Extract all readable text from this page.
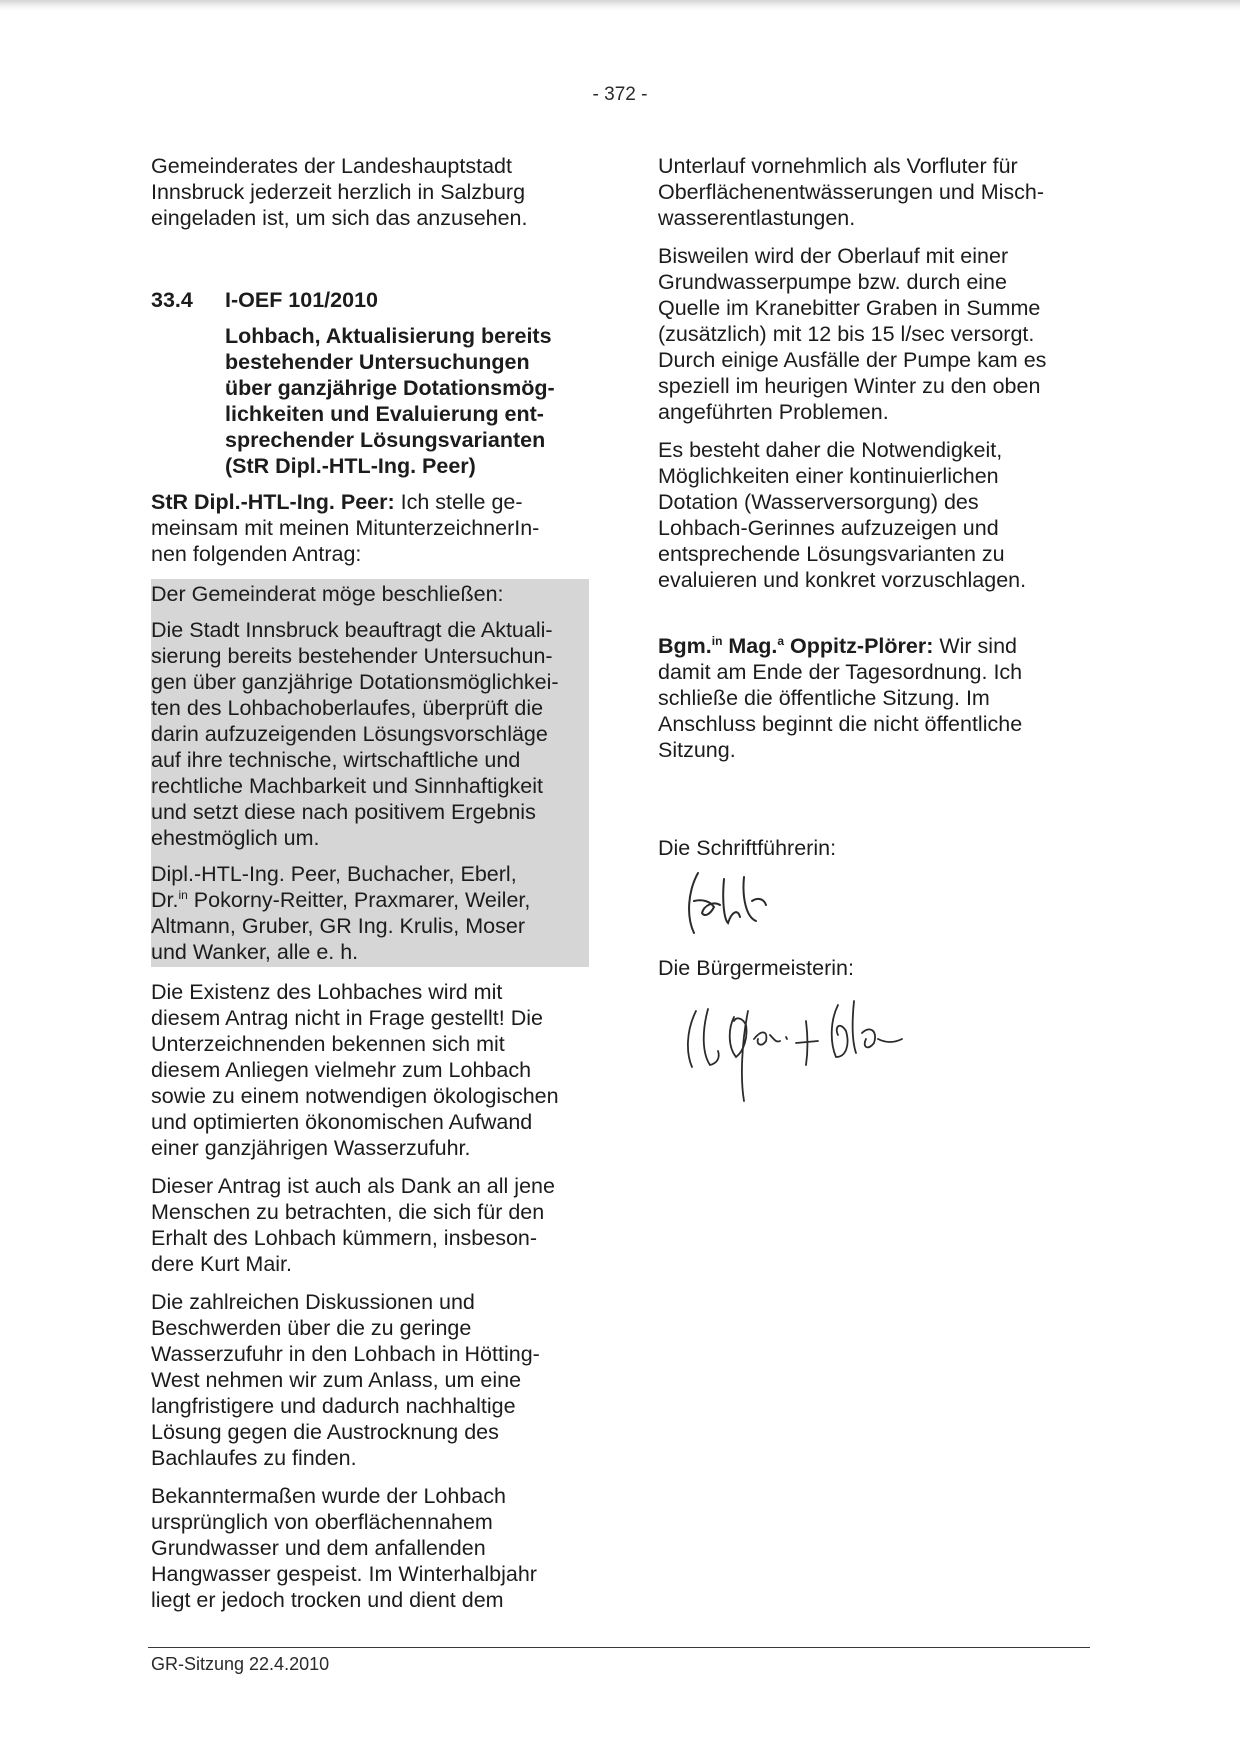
- 372 -

Gemeinderates der Landeshauptstadt
Innsbruck jederzeit herzlich in Salzburg
eingeladen ist, um sich das anzusehen.

33.4	I-OEF 101/2010

Lohbach, Aktualisierung bereits
bestehender Untersuchungen
über ganzjährige Dotationsmög-
lichkeiten und Evaluierung ent-
sprechender Lösungsvarianten
(StR Dipl.-HTL-Ing. Peer)

StR Dipl.-HTL-Ing. Peer: Ich stelle ge-
meinsam mit meinen MitunterzeichnerIn-
nen folgenden Antrag:

Der Gemeinderat möge beschließen:

Die Stadt Innsbruck beauftragt die Aktuali-
sierung bereits bestehender Untersuchun-
gen über ganzjährige Dotationsmöglichkei-
ten des Lohbachoberlaufes, überprüft die
darin aufzuzeigenden Lösungsvorschläge
auf ihre technische, wirtschaftliche und
rechtliche Machbarkeit und Sinnhaftigkeit
und setzt diese nach positivem Ergebnis
ehestmöglich um.

Dipl.-HTL-Ing. Peer, Buchacher, Eberl,
Dr.$^{in}$ Pokorny-Reitter, Praxmarer, Weiler,
Altmann, Gruber, GR Ing. Krulis, Moser
und Wanker, alle e. h.

Die Existenz des Lohbaches wird mit
diesem Antrag nicht in Frage gestellt! Die
Unterzeichnenden bekennen sich mit
diesem Anliegen vielmehr zum Lohbach
sowie zu einem notwendigen ökologischen
und optimierten ökonomischen Aufwand
einer ganzjährigen Wasserzufuhr.

Dieser Antrag ist auch als Dank an all jene
Menschen zu betrachten, die sich für den
Erhalt des Lohbach kümmern, insbeson-
dere Kurt Mair.

Die zahlreichen Diskussionen und
Beschwerden über die zu geringe
Wasserzufuhr in den Lohbach in Hötting-
West nehmen wir zum Anlass, um eine
langfristigere und dadurch nachhaltige
Lösung gegen die Austrocknung des
Bachlaufes zu finden.

Bekanntermaßen wurde der Lohbach
ursprünglich von oberflächennahem
Grundwasser und dem anfallenden
Hangwasser gespeist. Im Winterhalbjahr
liegt er jedoch trocken und dient dem

Unterlauf vornehmlich als Vorfluter für
Oberflächenentwässerungen und Misch-
wasserentlastungen.

Bisweilen wird der Oberlauf mit einer
Grundwasserpumpe bzw. durch eine
Quelle im Kranebitter Graben in Summe
(zusätzlich) mit 12 bis 15 l/sec versorgt.
Durch einige Ausfälle der Pumpe kam es
speziell im heurigen Winter zu den oben
angeführten Problemen.

Es besteht daher die Notwendigkeit,
Möglichkeiten einer kontinuierlichen
Dotation (Wasserversorgung) des
Lohbach-Gerinnes aufzuzeigen und
entsprechende Lösungsvarianten zu
evaluieren und konkret vorzuschlagen.

Bgm.$^{in}$ Mag.$^a$ Oppitz-Plörer: Wir sind
damit am Ende der Tagesordnung. Ich
schließe die öffentliche Sitzung. Im
Anschluss beginnt die nicht öffentliche
Sitzung.

Die Schriftführerin:

Die Bürgermeisterin:

GR-Sitzung 22.4.2010
